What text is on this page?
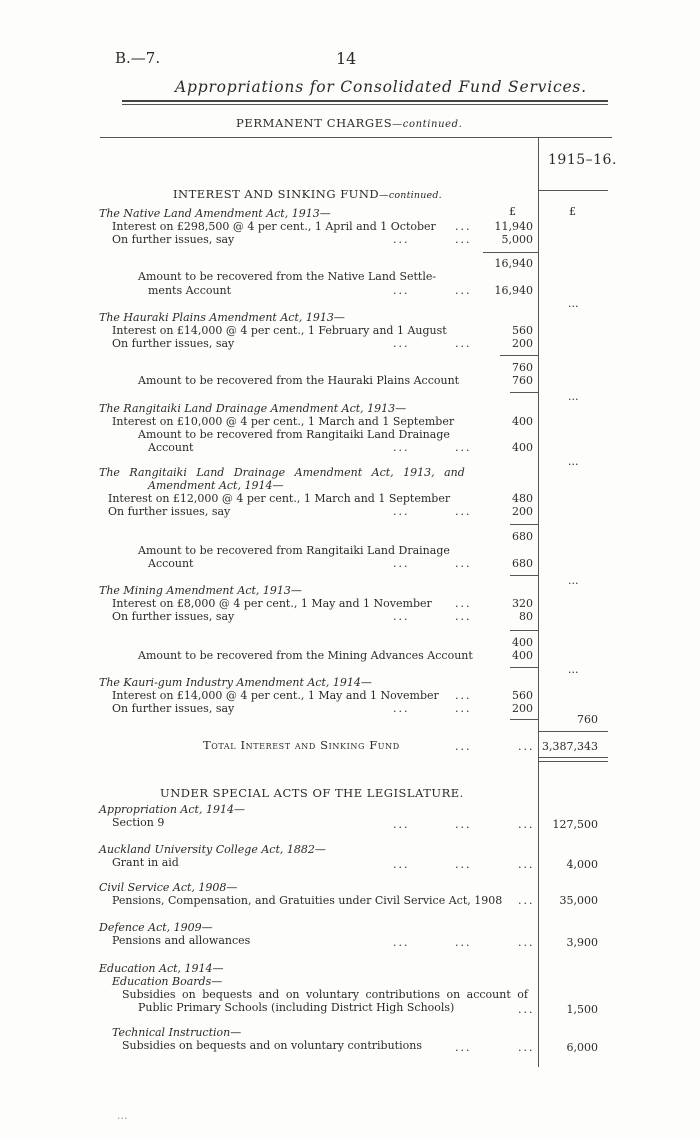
B.—7.	14
Appropriations for Consolidated Fund Services.
PERMANENT CHARGES—continued.
1915–16.
INTEREST AND SINKING FUND—continued.
£	£
The Native Land Amendment Act, 1913—
Interest on £298,500 @ 4 per cent., 1 April and 1 October ...	11,940
On further issues, say	...	...	5,000
16,940
Amount to be recovered from the Native Land Settle-
ments Account	...	...	16,940
...
The Hauraki Plains Amendment Act, 1913—
Interest on £14,000 @ 4 per cent., 1 February and 1 August	560
On further issues, say	...	...	200
760
Amount to be recovered from the Hauraki Plains Account	760
...
The Rangitaiki Land Drainage Amendment Act, 1913—
Interest on £10,000 @ 4 per cent., 1 March and 1 September	400
Amount to be recovered from Rangitaiki Land Drainage
Account	...	...	400
...
The Rangitaiki Land Drainage Amendment Act, 1913, and
Amendment Act, 1914—
Interest on £12,000 @ 4 per cent., 1 March and 1 September	480
On further issues, say	...	...	200
680
Amount to be recovered from Rangitaiki Land Drainage
Account	...	...	680
...
The Mining Amendment Act, 1913—
Interest on £8,000 @ 4 per cent., 1 May and 1 November ...	320
On further issues, say	...	...	80
400
Amount to be recovered from the Mining Advances Account	400
...
The Kauri-gum Industry Amendment Act, 1914—
Interest on £14,000 @ 4 per cent., 1 May and 1 November ...	560
On further issues, say	...	...	200
760
Total Interest and Sinking Fund	...	... 3,387,343
UNDER SPECIAL ACTS OF THE LEGISLATURE.
Appropriation Act, 1914—
Section 9	...	...	...	127,500
Auckland University College Act, 1882—
Grant in aid	...	...	...	4,000
Civil Service Act, 1908—
Pensions, Compensation, and Gratuities under Civil Service Act, 1908 ...	35,000
Defence Act, 1909—
Pensions and allowances	...	...	...	3,900
Education Act, 1914—
Education Boards—
Subsidies on bequests and on voluntary contributions on account of
Public Primary Schools (including District High Schools)	...	1,500
Technical Instruction—
Subsidies on bequests and on voluntary contributions	...	...	6,000
...
